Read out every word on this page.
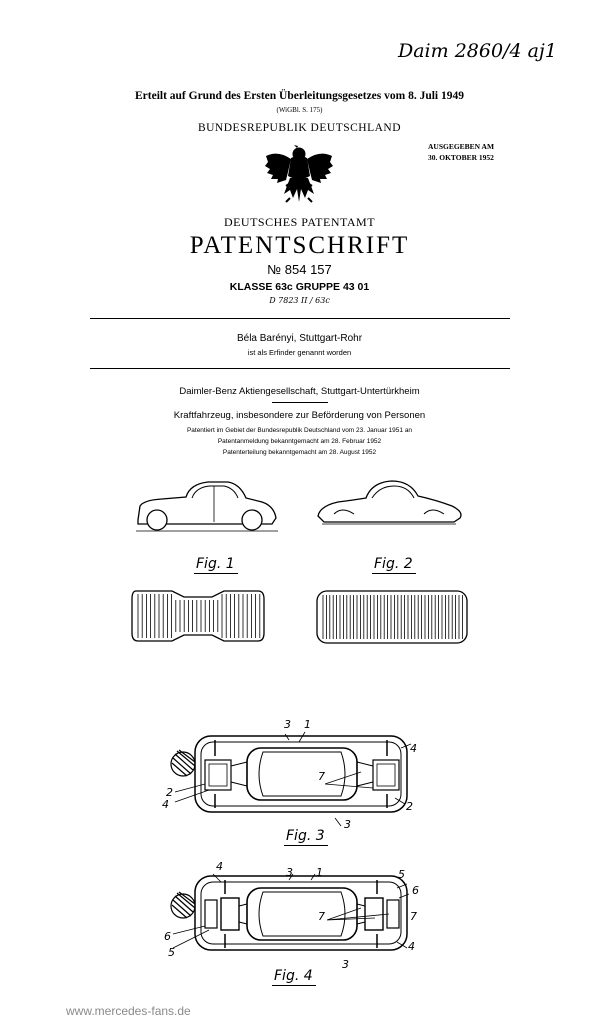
Daim 2860/4 aj1
Erteilt auf Grund des Ersten Überleitungsgesetzes vom 8. Juli 1949
(WiGBl. S. 175)
BUNDESREPUBLIK DEUTSCHLAND
AUSGEGEBEN AM
30. OKTOBER 1952
DEUTSCHES PATENTAMT
PATENTSCHRIFT
№ 854 157
KLASSE 63c GRUPPE 43 01
D 7823 II / 63c
Béla Barényi, Stuttgart-Rohr
ist als Erfinder genannt worden
Daimler-Benz Aktiengesellschaft, Stuttgart-Untertürkheim
Kraftfahrzeug, insbesondere zur Beförderung von Personen
Patentiert im Gebiet der Bundesrepublik Deutschland vom 23. Januar 1951 an
Patentanmeldung bekanntgemacht am 28. Februar 1952
Patenterteilung bekanntgemacht am 28. August 1952
Fig. 1	Fig. 2
3 1
4
7
2
4	2
3
Fig. 3
4	3 1	5
6
7	7
6
5	4
3
Fig. 4
www.mercedes-fans.de
